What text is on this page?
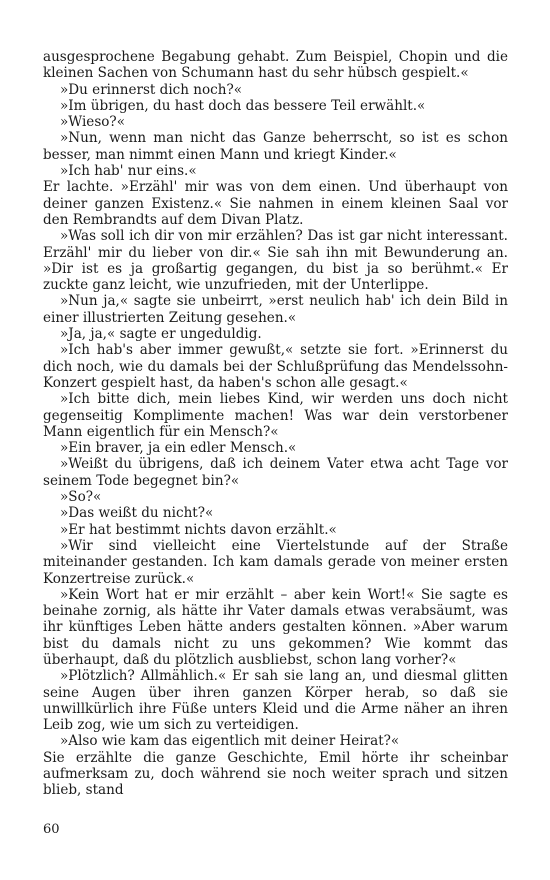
ausgesprochene Begabung gehabt. Zum Beispiel, Chopin und die kleinen Sachen von Schumann hast du sehr hübsch gespielt.«

»Du erinnerst dich noch?«

»Im übrigen, du hast doch das bessere Teil erwählt.«

»Wieso?«

»Nun, wenn man nicht das Ganze beherrscht, so ist es schon besser, man nimmt einen Mann und kriegt Kinder.«

»Ich hab' nur eins.«

Er lachte. »Erzähl' mir was von dem einen. Und überhaupt von deiner ganzen Existenz.« Sie nahmen in einem kleinen Saal vor den Rembrandts auf dem Divan Platz.

»Was soll ich dir von mir erzählen? Das ist gar nicht interessant. Erzähl' mir du lieber von dir.« Sie sah ihn mit Bewunderung an. »Dir ist es ja großartig gegangen, du bist ja so berühmt.« Er zuckte ganz leicht, wie unzufrieden, mit der Unterlippe.

»Nun ja,« sagte sie unbeirrt, »erst neulich hab' ich dein Bild in einer illustrierten Zeitung gesehen.«

»Ja, ja,« sagte er ungeduldig.

»Ich hab's aber immer gewußt,« setzte sie fort. »Erinnerst du dich noch, wie du damals bei der Schlußprüfung das Mendelssohn-Konzert gespielt hast, da haben's schon alle gesagt.«

»Ich bitte dich, mein liebes Kind, wir werden uns doch nicht gegenseitig Komplimente machen! Was war dein verstorbener Mann eigentlich für ein Mensch?«

»Ein braver, ja ein edler Mensch.«

»Weißt du übrigens, daß ich deinem Vater etwa acht Tage vor seinem Tode begegnet bin?«

»So?«

»Das weißt du nicht?«

»Er hat bestimmt nichts davon erzählt.«

»Wir sind vielleicht eine Viertelstunde auf der Straße miteinander gestanden. Ich kam damals gerade von meiner ersten Konzertreise zurück.«

»Kein Wort hat er mir erzählt – aber kein Wort!« Sie sagte es beinahe zornig, als hätte ihr Vater damals etwas verabsäumt, was ihr künftiges Leben hätte anders gestalten können. »Aber warum bist du damals nicht zu uns gekommen? Wie kommt das überhaupt, daß du plötzlich ausbliebst, schon lang vorher?«

»Plötzlich? Allmählich.« Er sah sie lang an, und diesmal glitten seine Augen über ihren ganzen Körper herab, so daß sie unwillkürlich ihre Füße unters Kleid und die Arme näher an ihren Leib zog, wie um sich zu verteidigen.

»Also wie kam das eigentlich mit deiner Heirat?«

Sie erzählte die ganze Geschichte, Emil hörte ihr scheinbar aufmerksam zu, doch während sie noch weiter sprach und sitzen blieb, stand

60
